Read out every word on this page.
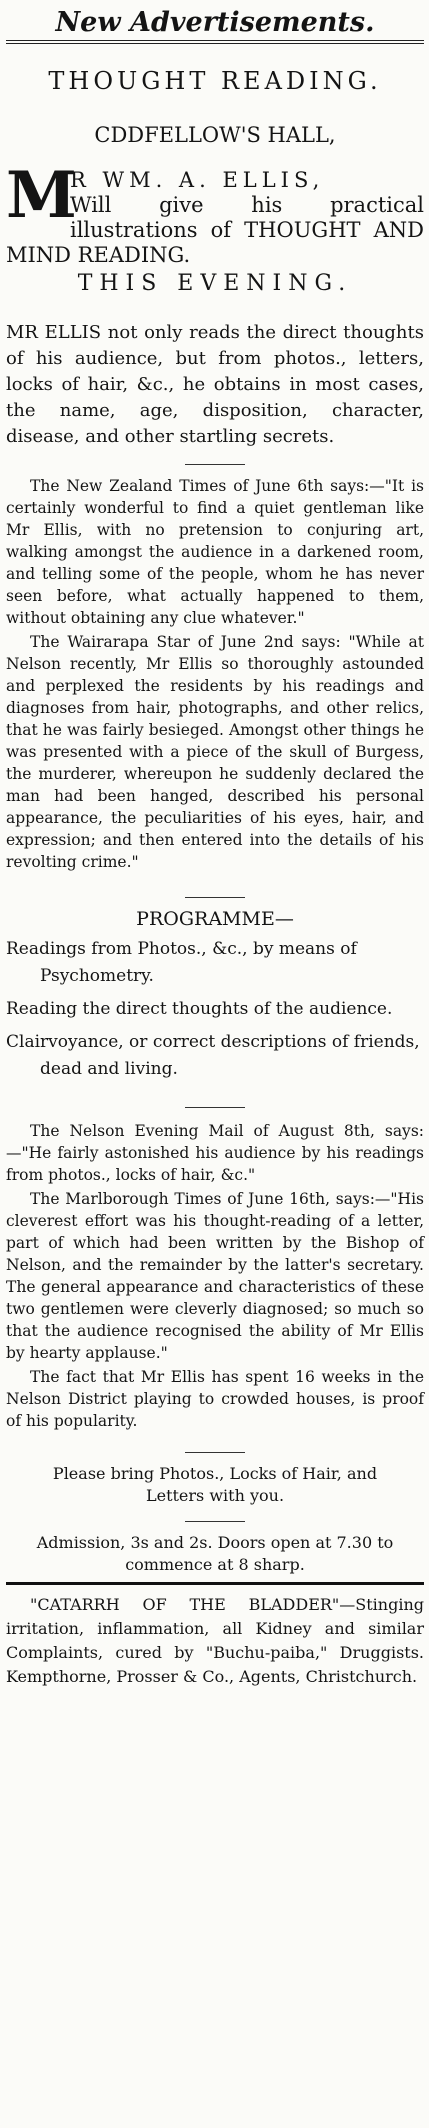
New Advertisements.
THOUGHT READING.
CDDFELLOW'S HALL,
M
R WM. A. ELLIS,
Will give his practical illustrations of THOUGHT AND MIND READING.
THIS EVENING.
MR ELLIS not only reads the direct thoughts of his audience, but from photos., letters, locks of hair, &c., he obtains in most cases, the name, age, disposition, character, disease, and other startling secrets.
The New Zealand Times of June 6th says:—"It is certainly wonderful to find a quiet gentleman like Mr Ellis, with no pretension to conjuring art, walking amongst the audience in a darkened room, and telling some of the people, whom he has never seen before, what actually happened to them, without obtaining any clue whatever."
The Wairarapa Star of June 2nd says: "While at Nelson recently, Mr Ellis so thoroughly astounded and perplexed the residents by his readings and diagnoses from hair, photographs, and other relics, that he was fairly besieged. Amongst other things he was presented with a piece of the skull of Burgess, the murderer, whereupon he suddenly declared the man had been hanged, described his personal appearance, the peculiarities of his eyes, hair, and expression; and then entered into the details of his revolting crime."
PROGRAMME—
Readings from Photos., &c., by means of Psychometry.
Reading the direct thoughts of the audience.
Clairvoyance, or correct descriptions of friends, dead and living.
The Nelson Evening Mail of August 8th, says:—"He fairly astonished his audience by his readings from photos., locks of hair, &c."
The Marlborough Times of June 16th, says:—"His cleverest effort was his thought-reading of a letter, part of which had been written by the Bishop of Nelson, and the remainder by the latter's secretary. The general appearance and characteristics of these two gentlemen were cleverly diagnosed; so much so that the audience recognised the ability of Mr Ellis by hearty applause."
The fact that Mr Ellis has spent 16 weeks in the Nelson District playing to crowded houses, is proof of his popularity.
Please bring Photos., Locks of Hair, and Letters with you.
Admission, 3s and 2s. Doors open at 7.30 to commence at 8 sharp.
"CATARRH OF THE BLADDER"—Stinging irritation, inflammation, all Kidney and similar Complaints, cured by "Buchu-paiba," Druggists. Kempthorne, Prosser & Co., Agents, Christchurch.
